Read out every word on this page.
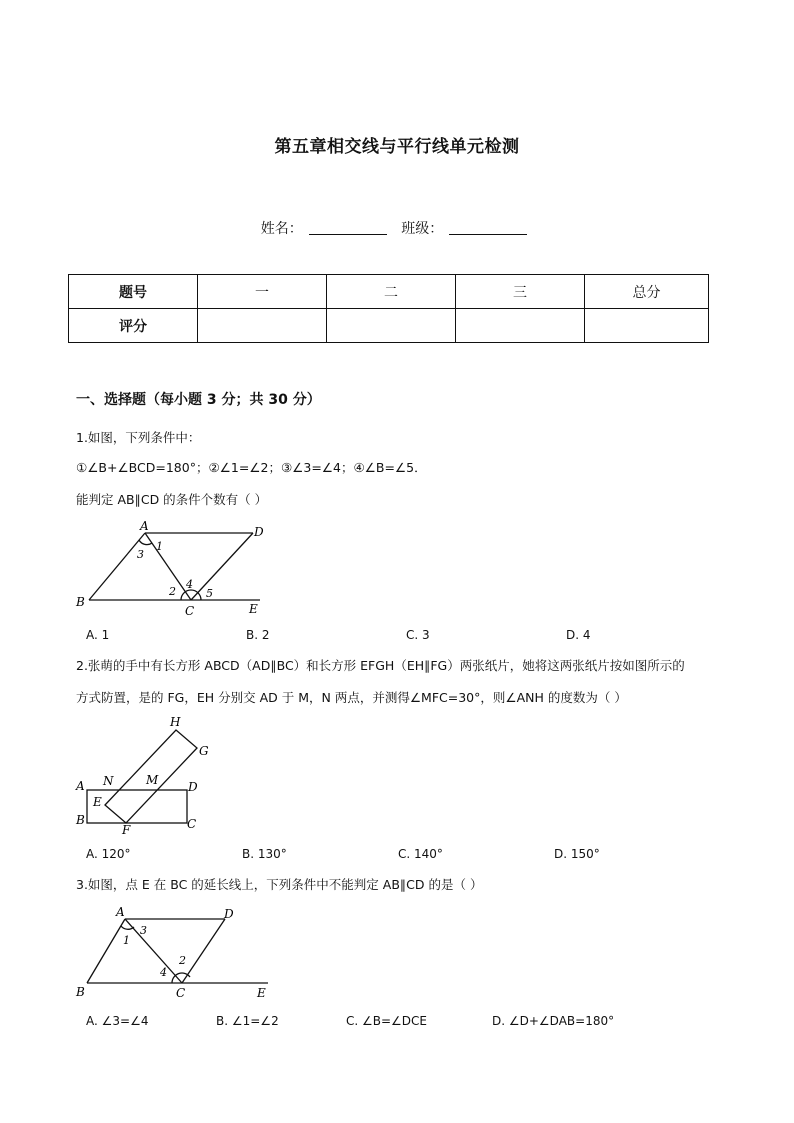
第五章相交线与平行线单元检测
姓名：	班级：
题号	一	二	三	总分
评分				
一、选择题（每小题 3 分；共 30 分）
1.如图，下列条件中：
①∠B+∠BCD=180°；②∠1=∠2；③∠3=∠4；④∠B=∠5．
能判定 AB∥CD 的条件个数有（ ）
A	D
B
C	E
1
3
2
4
5
A. 1	B. 2	C. 3	D. 4
2.张萌的手中有长方形 ABCD（AD∥BC）和长方形 EFGH（EH∥FG）两张纸片，她将这两张纸片按如图所示的
方式防置，是的 FG，EH 分别交 AD 于 M，N 两点，并测得∠MFC=30°，则∠ANH 的度数为（ ）
A
B	C
D
E
F
G
H
M
N
A. 120°	B. 130°	C. 140°	D. 150°
3.如图，点 E 在 BC 的延长线上，下列条件中不能判定 AB∥CD 的是（ ）
A	D
B	C	E
1
3
2
4
A. ∠3=∠4	B. ∠1=∠2	C. ∠B=∠DCE	D. ∠D+∠DAB=180°
